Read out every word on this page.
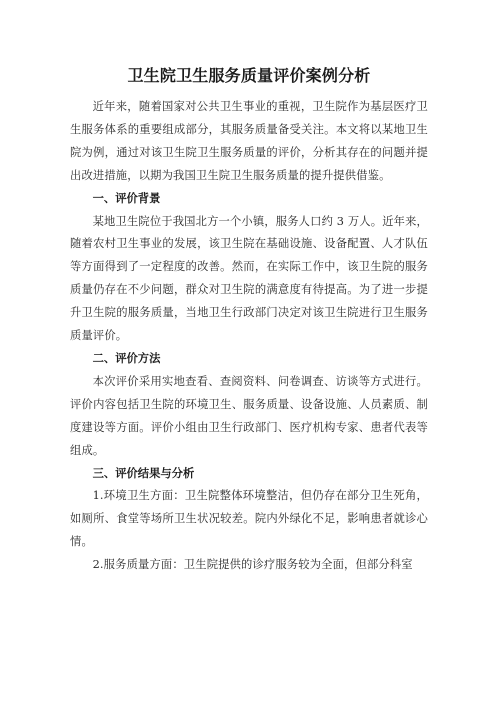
卫生院卫生服务质量评价案例分析

近年来，随着国家对公共卫生事业的重视，卫生院作为基层医疗卫生服务体系的重要组成部分，其服务质量备受关注。本文将以某地卫生院为例，通过对该卫生院卫生服务质量的评价，分析其存在的问题并提出改进措施，以期为我国卫生院卫生服务质量的提升提供借鉴。

一、评价背景

某地卫生院位于我国北方一个小镇，服务人口约 3 万人。近年来，随着农村卫生事业的发展，该卫生院在基础设施、设备配置、人才队伍等方面得到了一定程度的改善。然而，在实际工作中，该卫生院的服务质量仍存在不少问题，群众对卫生院的满意度有待提高。为了进一步提升卫生院的服务质量，当地卫生行政部门决定对该卫生院进行卫生服务质量评价。

二、评价方法

本次评价采用实地查看、查阅资料、问卷调查、访谈等方式进行。评价内容包括卫生院的环境卫生、服务质量、设备设施、人员素质、制度建设等方面。评价小组由卫生行政部门、医疗机构专家、患者代表等组成。

三、评价结果与分析

1.环境卫生方面：卫生院整体环境整洁，但仍存在部分卫生死角，如厕所、食堂等场所卫生状况较差。院内外绿化不足，影响患者就诊心情。

2.服务质量方面：卫生院提供的诊疗服务较为全面，但部分科室
